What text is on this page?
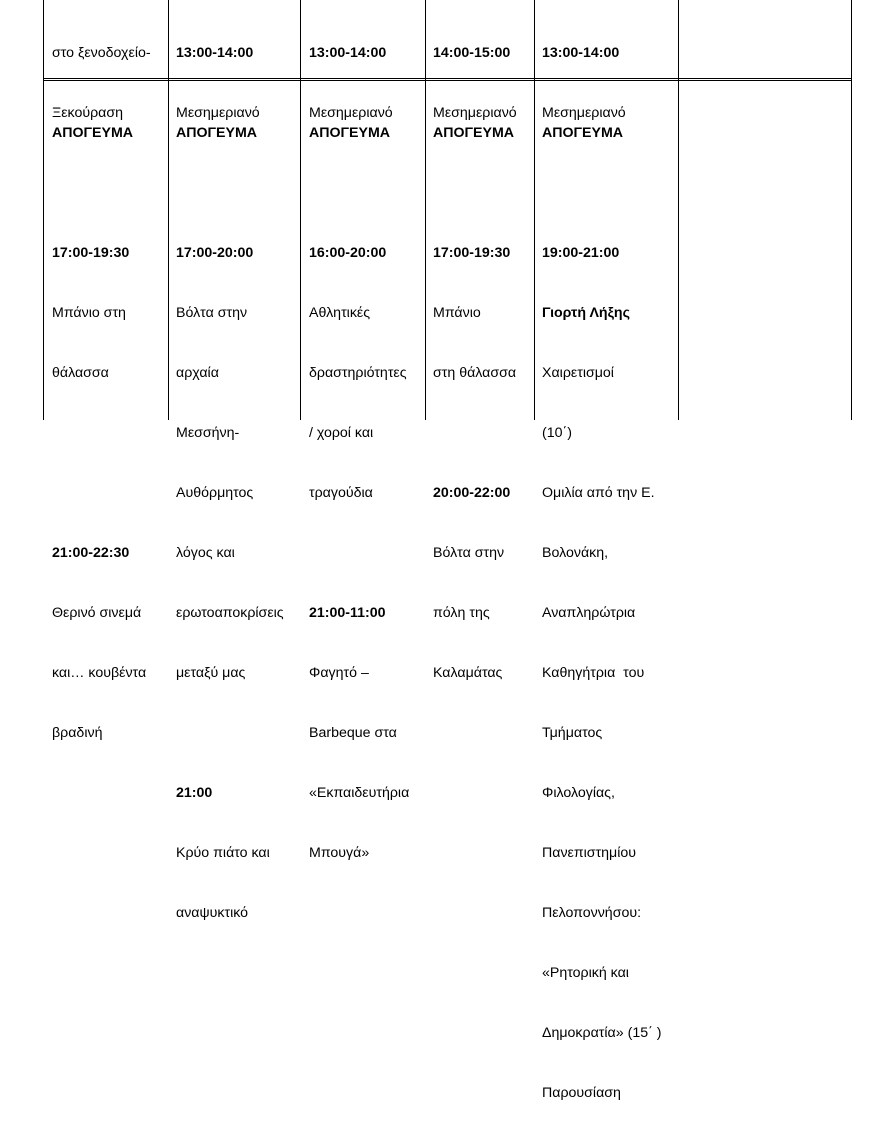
στο ξενοδοχείο-

Ξεκούραση

13:00-14:00

Μεσημεριανό

13:00-14:00

Μεσημεριανό

14:00-15:00

Μεσημεριανό

13:00-14:00

Μεσημεριανό

ΑΠΟΓΕΥΜΑ

17:00-19:30

Μπάνιο στη

θάλασσα

21:00-22:30

Θερινό σινεμά

και… κουβέντα

βραδινή

ΑΠΟΓΕΥΜΑ

17:00-20:00

Βόλτα στην

αρχαία

Μεσσήνη-

Αυθόρμητος

λόγος και

ερωτοαποκρίσεις

μεταξύ μας

21:00

Κρύο πιάτο και

αναψυκτικό

ΑΠΟΓΕΥΜΑ

16:00-20:00

Αθλητικές

δραστηριότητες

/ χοροί και

τραγούδια

21:00-11:00

Φαγητό –

Barbeque στα

«Εκπαιδευτήρια

Μπουγά»

ΑΠΟΓΕΥΜΑ

17:00-19:30

Μπάνιο

στη θάλασσα

20:00-22:00

Βόλτα στην

πόλη της

Καλαμάτας

ΑΠΟΓΕΥΜΑ

19:00-21:00

Γιορτή Λήξης

Χαιρετισμοί

(10΄)

Ομιλία από την Ε.

Βολονάκη,

Αναπληρώτρια

Καθηγήτρια  του

Τμήματος

Φιλολογίας,

Πανεπιστημίου

Πελοποννήσου:

«Ρητορική και

Δημοκρατία» (15΄ )

Παρουσίαση
